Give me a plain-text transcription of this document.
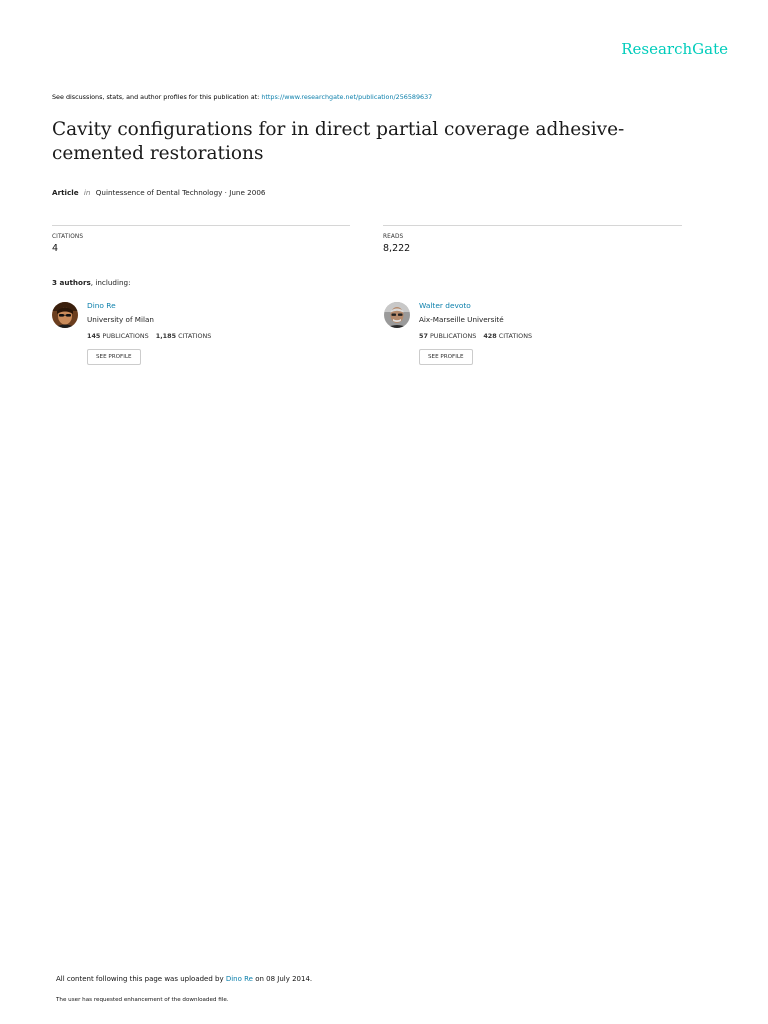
ResearchGate
See discussions, stats, and author profiles for this publication at: https://www.researchgate.net/publication/256589637
Cavity configurations for in direct partial coverage adhesive-cemented restorations
Article in Quintessence of Dental Technology · June 2006
CITATIONS
4
READS
8,222
3 authors, including:
Dino Re
University of Milan
145 PUBLICATIONS 1,185 CITATIONS
SEE PROFILE
Walter devoto
Aix-Marseille Université
57 PUBLICATIONS 428 CITATIONS
SEE PROFILE
All content following this page was uploaded by Dino Re on 08 July 2014.
The user has requested enhancement of the downloaded file.
